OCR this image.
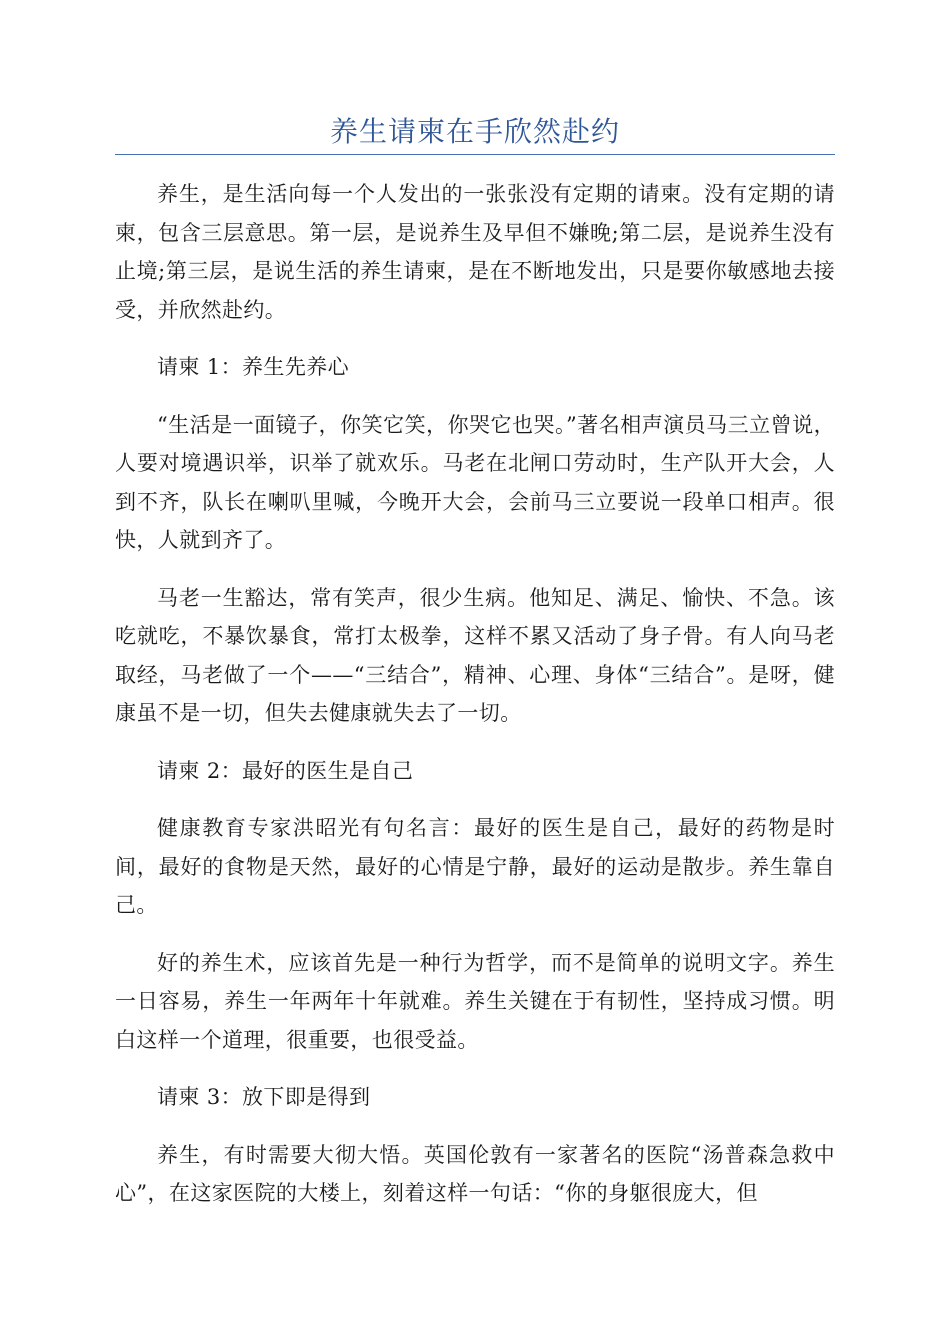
养生请柬在手欣然赴约

养生，是生活向每一个人发出的一张张没有定期的请柬。没有定期的请柬，包含三层意思。第一层，是说养生及早但不嫌晚;第二层，是说养生没有止境;第三层，是说生活的养生请柬，是在不断地发出，只是要你敏感地去接受，并欣然赴约。

请柬 1：养生先养心

“生活是一面镜子，你笑它笑，你哭它也哭。”著名相声演员马三立曾说，人要对境遇识举，识举了就欢乐。马老在北闸口劳动时，生产队开大会，人到不齐，队长在喇叭里喊，今晚开大会，会前马三立要说一段单口相声。很快，人就到齐了。

马老一生豁达，常有笑声，很少生病。他知足、满足、愉快、不急。该吃就吃，不暴饮暴食，常打太极拳，这样不累又活动了身子骨。有人向马老取经，马老做了一个——“三结合”，精神、心理、身体“三结合”。是呀，健康虽不是一切，但失去健康就失去了一切。

请柬 2：最好的医生是自己

健康教育专家洪昭光有句名言：最好的医生是自己，最好的药物是时间，最好的食物是天然，最好的心情是宁静，最好的运动是散步。养生靠自己。

好的养生术，应该首先是一种行为哲学，而不是简单的说明文字。养生一日容易，养生一年两年十年就难。养生关键在于有韧性，坚持成习惯。明白这样一个道理，很重要，也很受益。

请柬 3：放下即是得到

养生，有时需要大彻大悟。英国伦敦有一家著名的医院“汤普森急救中心”，在这家医院的大楼上，刻着这样一句话：“你的身躯很庞大，但
